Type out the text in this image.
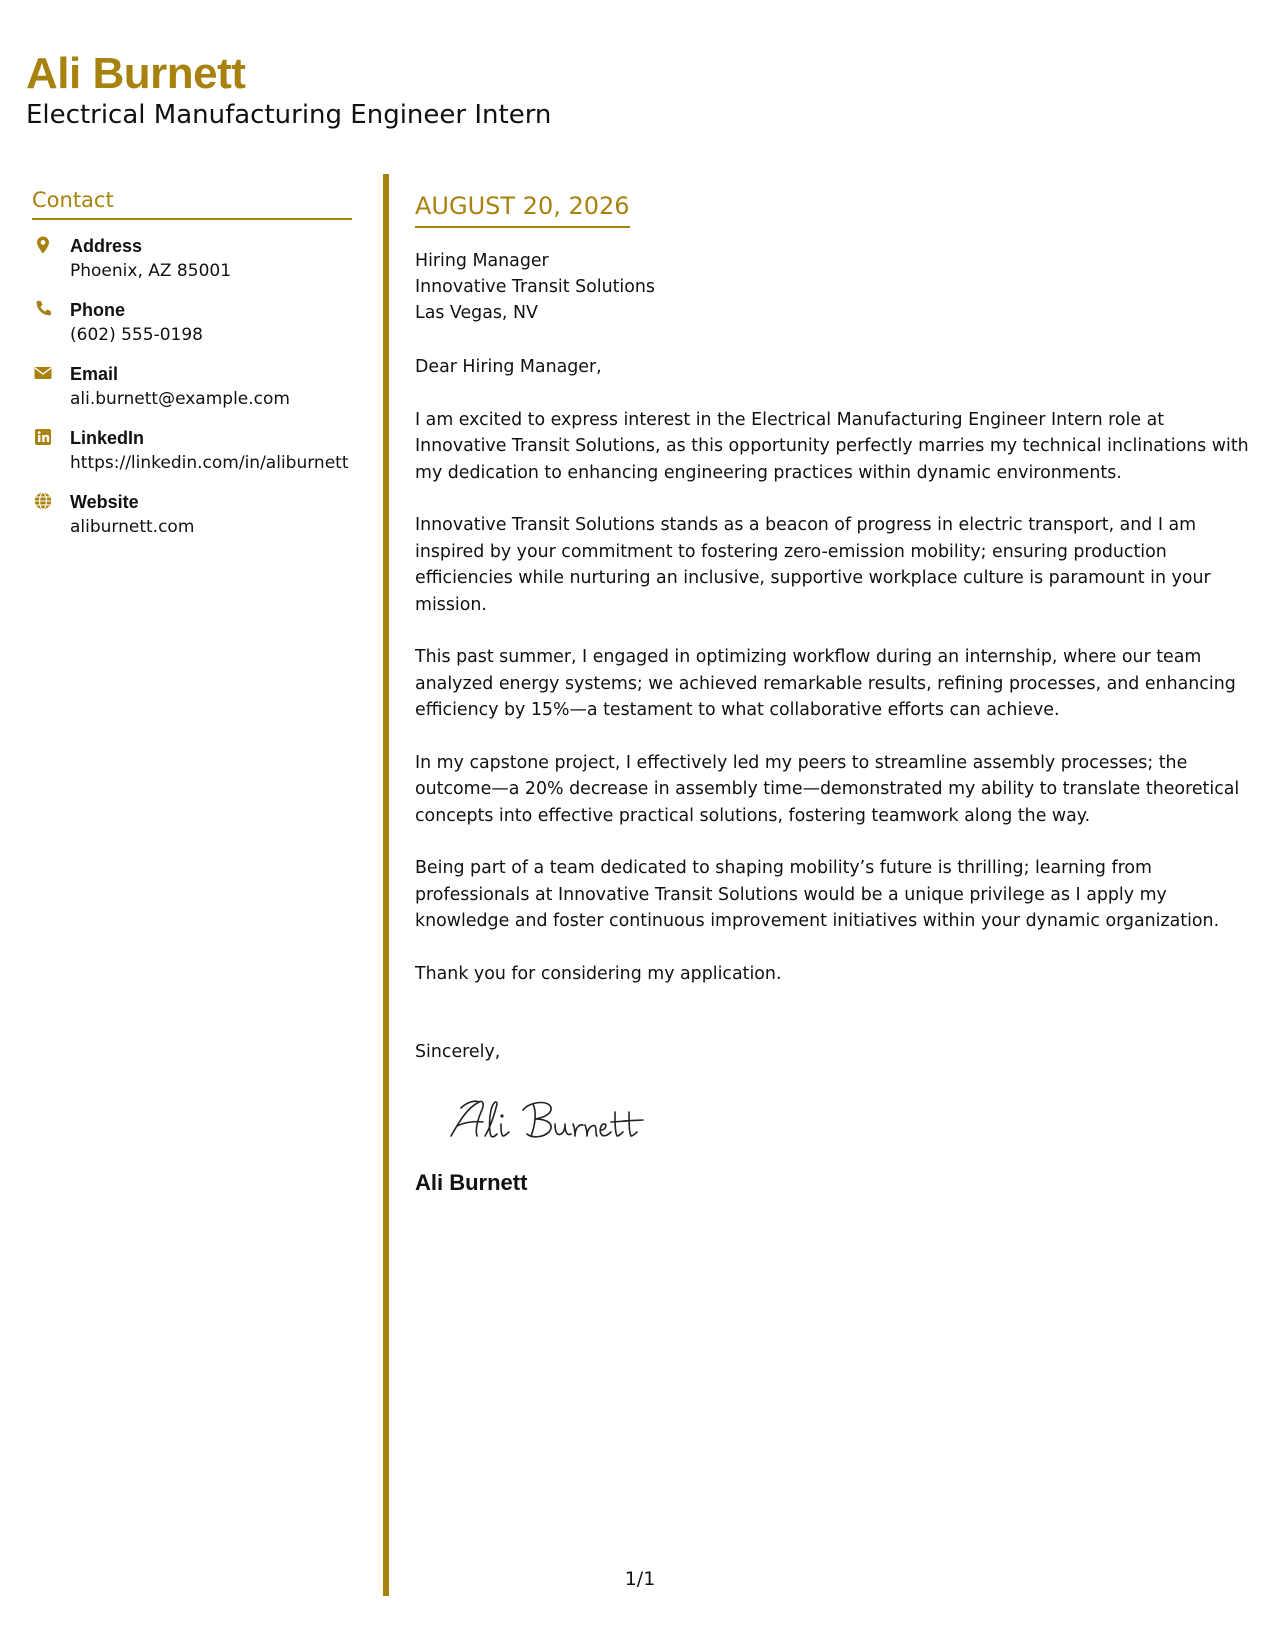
Ali Burnett
Electrical Manufacturing Engineer Intern
Contact
Address
Phoenix, AZ 85001
Phone
(602) 555-0198
Email
ali.burnett@example.com
LinkedIn
https://linkedin.com/in/aliburnett
Website
aliburnett.com
AUGUST 20, 2026
Hiring Manager
Innovative Transit Solutions
Las Vegas, NV
Dear Hiring Manager,

I am excited to express interest in the Electrical Manufacturing Engineer Intern role at Innovative Transit Solutions, as this opportunity perfectly marries my technical inclinations with my dedication to enhancing engineering practices within dynamic environments.

Innovative Transit Solutions stands as a beacon of progress in electric transport, and I am inspired by your commitment to fostering zero-emission mobility; ensuring production efficiencies while nurturing an inclusive, supportive workplace culture is paramount in your mission.

This past summer, I engaged in optimizing workflow during an internship, where our team analyzed energy systems; we achieved remarkable results, refining processes, and enhancing efficiency by 15%—a testament to what collaborative efforts can achieve.

In my capstone project, I effectively led my peers to streamline assembly processes; the outcome—a 20% decrease in assembly time—demonstrated my ability to translate theoretical concepts into effective practical solutions, fostering teamwork along the way.

Being part of a team dedicated to shaping mobility’s future is thrilling; learning from professionals at Innovative Transit Solutions would be a unique privilege as I apply my knowledge and foster continuous improvement initiatives within your dynamic organization.

Thank you for considering my application.
Sincerely,
Ali Burnett
1/1
